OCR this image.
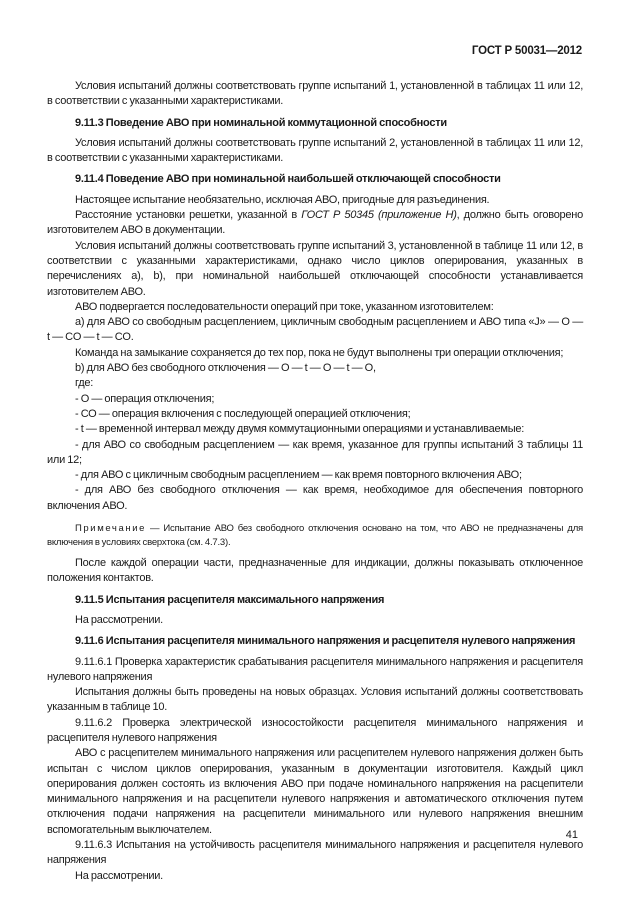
ГОСТ Р 50031—2012

Условия испытаний должны соответствовать группе испытаний 1, установленной в таблицах 11 или 12, в соответствии с указанными характеристиками.

9.11.3 Поведение АВО при номинальной коммутационной способности

Условия испытаний должны соответствовать группе испытаний 2, установленной в таблицах 11 или 12, в соответствии с указанными характеристиками.

9.11.4 Поведение АВО при номинальной наибольшей отключающей способности

Настоящее испытание необязательно, исключая АВО, пригодные для разъединения.

Расстояние установки решетки, указанной в ГОСТ Р 50345 (приложение Н), должно быть оговорено изготовителем АВО в документации.

Условия испытаний должны соответствовать группе испытаний 3, установленной в таблице 11 или 12, в соответствии с указанными характеристиками, однако число циклов оперирования, указанных в перечислениях а), b), при номинальной наибольшей отключающей способности устанавливается изготовителем АВО.

АВО подвергается последовательности операций при токе, указанном изготовителем:

а) для АВО со свободным расцеплением, цикличным свободным расцеплением и АВО типа «J» — О — t — CO — t — CO.

Команда на замыкание сохраняется до тех пор, пока не будут выполнены три операции отключения;

b) для АВО без свободного отключения — О — t — О — t — О,

где:

- О — операция отключения;

- СО — операция включения с последующей операцией отключения;

- t — временной интервал между двумя коммутационными операциями и устанавливаемые:

- для АВО со свободным расцеплением — как время, указанное для группы испытаний 3 таблицы 11 или 12;

- для АВО с цикличным свободным расцеплением — как время повторного включения АВО;

- для АВО без свободного отключения — как время, необходимое для обеспечения повторного включения АВО.

Примечание — Испытание АВО без свободного отключения основано на том, что АВО не предназначены для включения в условиях сверхтока (см. 4.7.3).

После каждой операции части, предназначенные для индикации, должны показывать отключенное положения контактов.

9.11.5 Испытания расцепителя максимального напряжения

На рассмотрении.

9.11.6 Испытания расцепителя минимального напряжения и расцепителя нулевого напряжения

9.11.6.1 Проверка характеристик срабатывания расцепителя минимального напряжения и расцепителя нулевого напряжения

Испытания должны быть проведены на новых образцах. Условия испытаний должны соответствовать указанным в таблице 10.

9.11.6.2 Проверка электрической износостойкости расцепителя минимального напряжения и расцепителя нулевого напряжения

АВО с расцепителем минимального напряжения или расцепителем нулевого напряжения должен быть испытан с числом циклов оперирования, указанным в документации изготовителя. Каждый цикл оперирования должен состоять из включения АВО при подаче номинального напряжения на расцепители минимального напряжения и на расцепители нулевого напряжения и автоматического отключения путем отключения подачи напряжения на расцепители минимального или нулевого напряжения внешним вспомогательным выключателем.

9.11.6.3 Испытания на устойчивость расцепителя минимального напряжения и расцепителя нулевого напряжения

На рассмотрении.

41
